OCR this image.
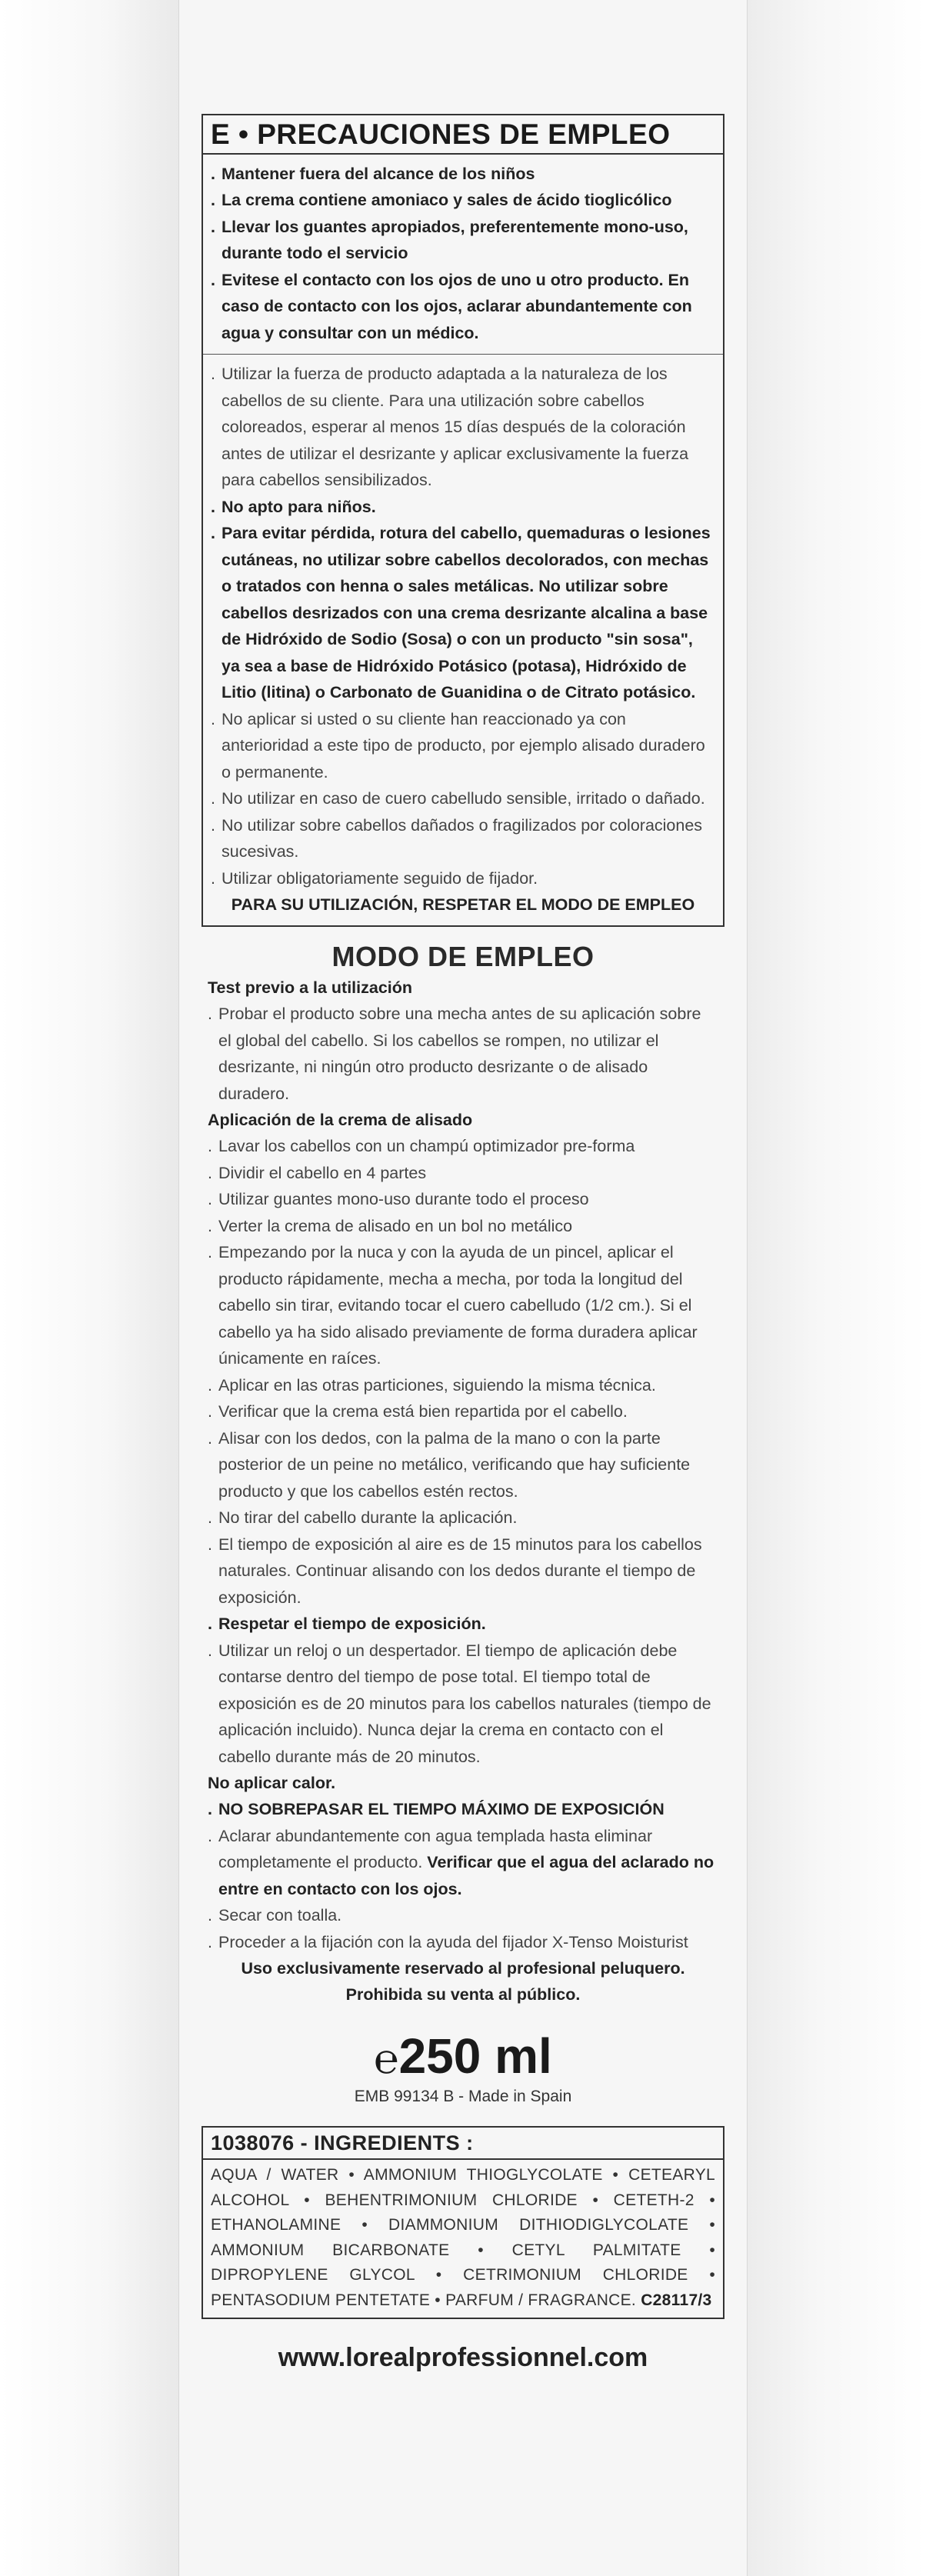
E • PRECAUCIONES DE EMPLEO
. Mantener fuera del alcance de los niños
. La crema contiene amoniaco y sales de ácido tioglicólico
. Llevar los guantes apropiados, preferentemente mono-uso, durante todo el servicio
. Evitese el contacto con los ojos de uno u otro producto. En caso de contacto con los ojos, aclarar abundantemente con agua y consultar con un médico.
. Utilizar la fuerza de producto adaptada a la naturaleza de los cabellos de su cliente. Para una utilización sobre cabellos coloreados, esperar al menos 15 días después de la coloración antes de utilizar el desrizante y aplicar exclusivamente la fuerza para cabellos sensibilizados.
. No apto para niños.
. Para evitar pérdida, rotura del cabello, quemaduras o lesiones cutáneas, no utilizar sobre cabellos decolorados, con mechas o tratados con henna o sales metálicas. No utilizar sobre cabellos desrizados con una crema desrizante alcalina a base de Hidróxido de Sodio (Sosa) o con un producto "sin sosa", ya sea a base de Hidróxido Potásico (potasa), Hidróxido de Litio (litina) o Carbonato de Guanidina o de Citrato potásico.
. No aplicar si usted o su cliente han reaccionado ya con anterioridad a este tipo de producto, por ejemplo alisado duradero o permanente.
. No utilizar en caso de cuero cabelludo sensible, irritado o dañado.
. No utilizar sobre cabellos dañados o fragilizados por coloraciones sucesivas.
. Utilizar obligatoriamente seguido de fijador.
PARA SU UTILIZACIÓN, RESPETAR EL MODO DE EMPLEO
MODO DE EMPLEO
Test previo a la utilización
. Probar el producto sobre una mecha antes de su aplicación sobre el global del cabello. Si los cabellos se rompen, no utilizar el desrizante, ni ningún otro producto desrizante o de alisado duradero.
Aplicación de la crema de alisado
. Lavar los cabellos con un champú optimizador pre-forma
. Dividir el cabello en 4 partes
. Utilizar guantes mono-uso durante todo el proceso
. Verter la crema de alisado en un bol no metálico
. Empezando por la nuca y con la ayuda de un pincel, aplicar el producto rápidamente, mecha a mecha, por toda la longitud del cabello sin tirar, evitando tocar el cuero cabelludo (1/2 cm.). Si el cabello ya ha sido alisado previamente de forma duradera aplicar únicamente en raíces.
. Aplicar en las otras particiones, siguiendo la misma técnica.
. Verificar que la crema está bien repartida por el cabello.
. Alisar con los dedos, con la palma de la mano o con la parte posterior de un peine no metálico, verificando que hay suficiente producto y que los cabellos estén rectos.
. No tirar del cabello durante la aplicación.
. El tiempo de exposición al aire es de 15 minutos para los cabellos naturales. Continuar alisando con los dedos durante el tiempo de exposición.
. Respetar el tiempo de exposición.
. Utilizar un reloj o un despertador. El tiempo de aplicación debe contarse dentro del tiempo de pose total. El tiempo total de exposición es de 20 minutos para los cabellos naturales (tiempo de aplicación incluido). Nunca dejar la crema en contacto con el cabello durante más de 20 minutos.
No aplicar calor.
. NO SOBREPASAR EL TIEMPO MÁXIMO DE EXPOSICIÓN
. Aclarar abundantemente con agua templada hasta eliminar completamente el producto. Verificar que el agua del aclarado no entre en contacto con los ojos.
. Secar con toalla.
. Proceder a la fijación con la ayuda del fijador X-Tenso Moisturist
Uso exclusivamente reservado al profesional peluquero.
Prohibida su venta al público.
℮250 ml
EMB 99134 B - Made in Spain
1038076 - INGREDIENTS :
AQUA / WATER • AMMONIUM THIOGLYCOLATE • CETEARYL ALCOHOL • BEHENTRIMONIUM CHLORIDE • CETETH-2 • ETHANOLAMINE • DIAMMONIUM DITHIODIGLYCOLATE • AMMONIUM BICARBONATE • CETYL PALMITATE • DIPROPYLENE GLYCOL • CETRIMONIUM CHLORIDE • PENTASODIUM PENTETATE • PARFUM / FRAGRANCE. C28117/3
www.lorealprofessionnel.com
